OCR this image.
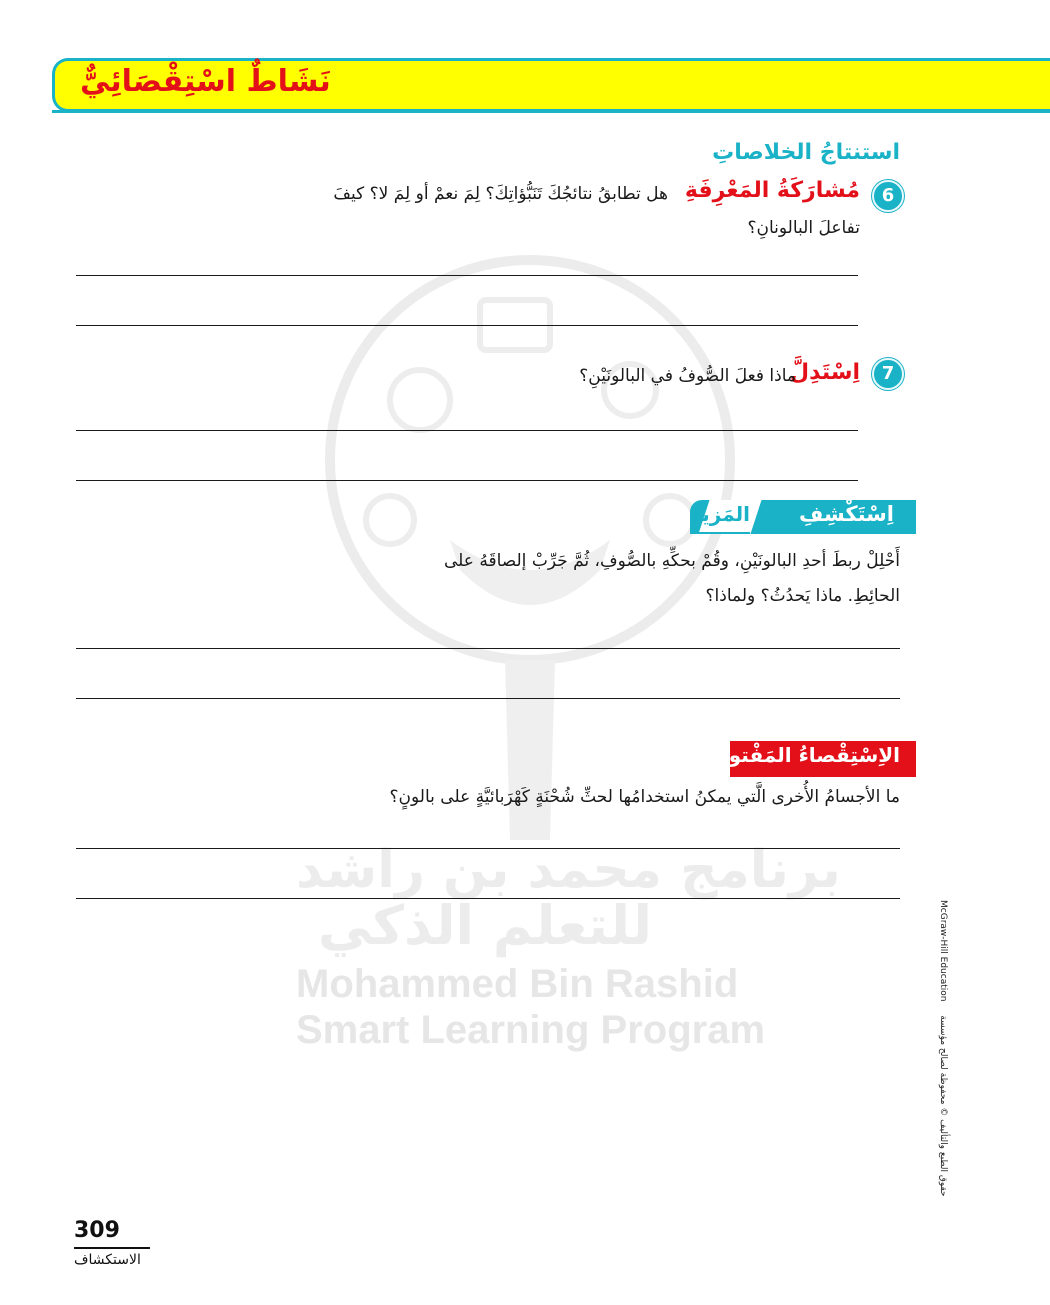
برنامج محمد بن راشد
للتعلم الذكي
Mohammed Bin Rashid
Smart Learning Program
نَشَاطٌ اسْتِقْصَائِيٌّ
استنتاجُ الخلاصاتِ
6
مُشارَكَةُ المَعْرِفَةِ
هل تطابقُ نتائجُكَ تَنَبُّؤاتِكَ؟ لِمَ نعمْ أو لِمَ لا؟ كيفَ
تفاعلَ البالونانِ؟
7
اِسْتَدِلَّ
ماذا فعلَ الصُّوفُ في البالونَيْنِ؟
اِسْتَكْشِفِ
المَزيدَ
أَحْلِلْ ربطَ أحدِ البالونَيْنِ، وقُمْ بحكِّهِ بالصُّوفِ، ثُمَّ جَرِّبْ إلصاقَهُ على
الحائِطِ. ماذا يَحدُثُ؟ ولماذا؟
الاِسْتِقْصاءُ المَفْتوحُ
ما الأجسامُ الأُخرى الَّتي يمكنُ استخدامُها لحثِّ شُحْنَةٍ كَهْرَبائيَّةٍ على بالونٍ؟
McGraw-Hill Education  حقوق الطبع والتأليف © محفوظة لصالح مؤسسة
309
الاستكشاف
